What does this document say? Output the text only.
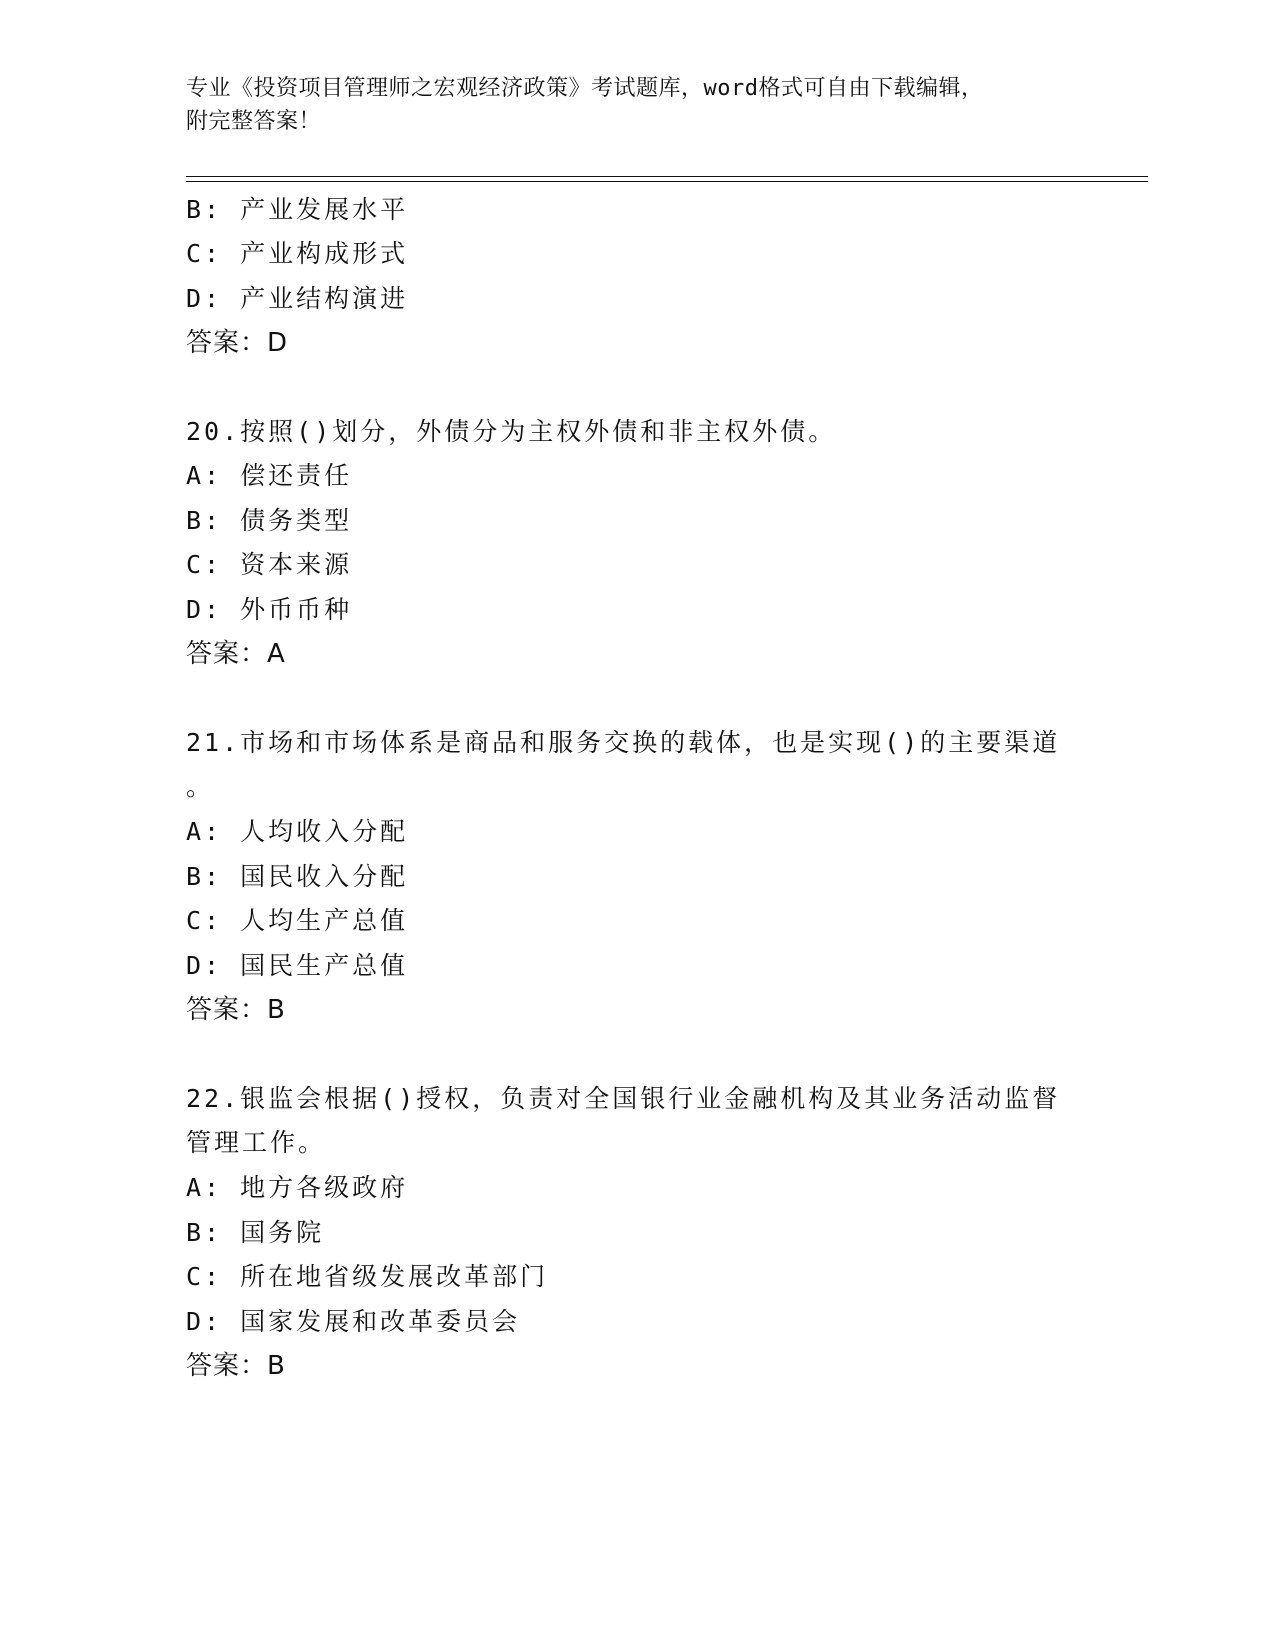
专业《投资项目管理师之宏观经济政策》考试题库，word格式可自由下载编辑，
附完整答案！
B: 产业发展水平
C: 产业构成形式
D: 产业结构演进
答案：D
20.按照()划分，外债分为主权外债和非主权外债。
A: 偿还责任
B: 债务类型
C: 资本来源
D: 外币币种
答案：A
21.市场和市场体系是商品和服务交换的载体，也是实现()的主要渠道
。
A: 人均收入分配
B: 国民收入分配
C: 人均生产总值
D: 国民生产总值
答案：B
22.银监会根据()授权，负责对全国银行业金融机构及其业务活动监督
管理工作。
A: 地方各级政府
B: 国务院
C: 所在地省级发展改革部门
D: 国家发展和改革委员会
答案：B
